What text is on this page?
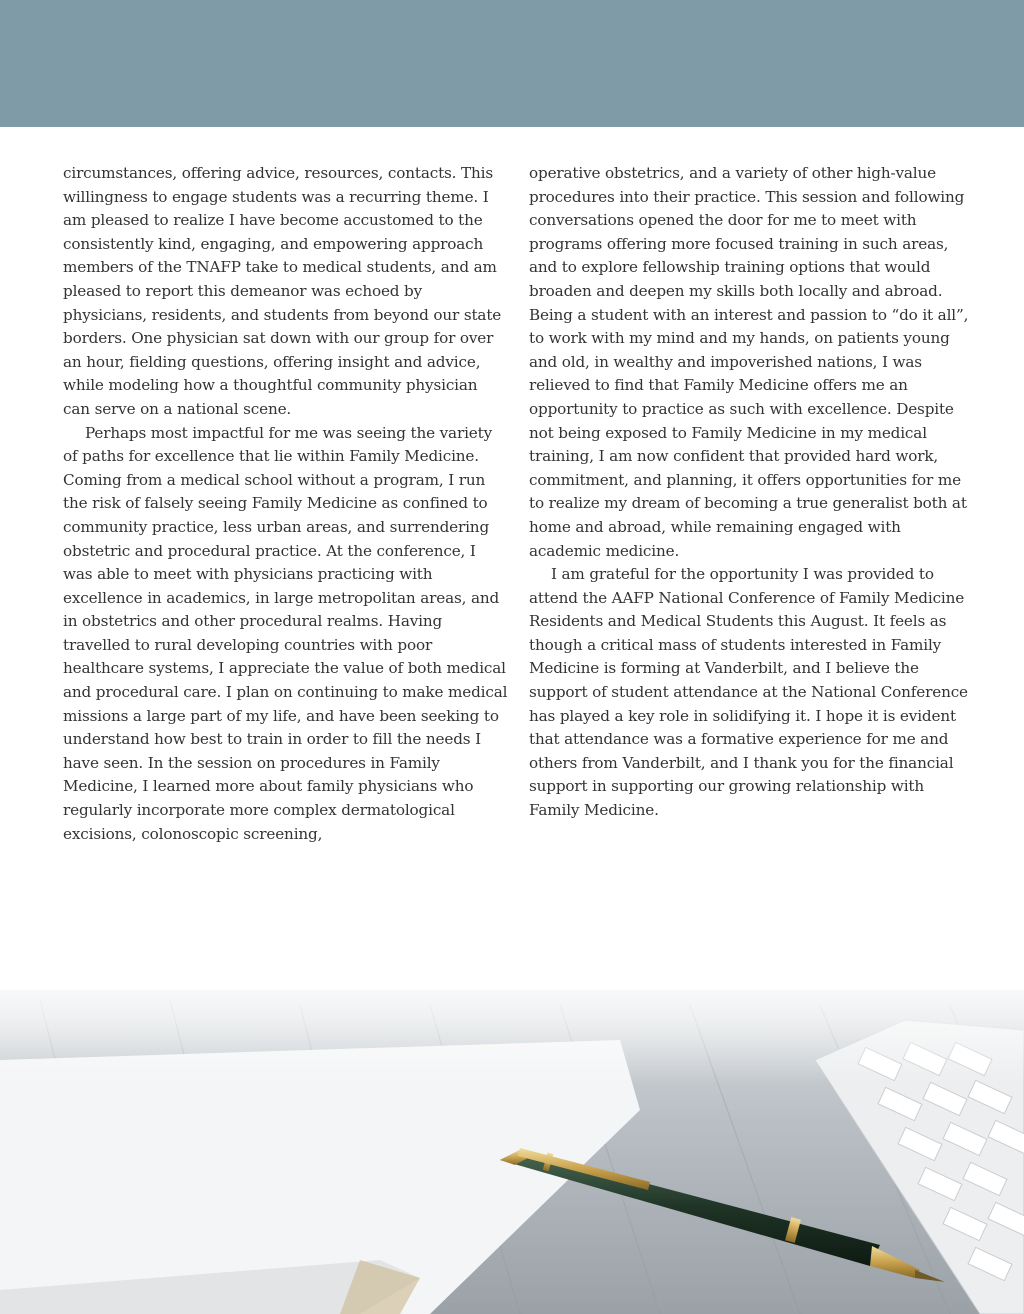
circumstances, offering advice, resources, contacts. This willingness to engage students was a recurring theme. I am pleased to realize I have become accustomed to the consistently kind, engaging, and empowering approach members of the TNAFP take to medical students, and am pleased to report this demeanor was echoed by physicians, residents, and students from beyond our state borders. One physician sat down with our group for over an hour, fielding questions, offering insight and advice, while modeling how a thoughtful community physician can serve on a national scene.

Perhaps most impactful for me was seeing the variety of paths for excellence that lie within Family Medicine. Coming from a medical school without a program, I run the risk of falsely seeing Family Medicine as confined to community practice, less urban areas, and surrendering obstetric and procedural practice. At the conference, I was able to meet with physicians practicing with excellence in academics, in large metropolitan areas, and in obstetrics and other procedural realms. Having travelled to rural developing countries with poor healthcare systems, I appreciate the value of both medical and procedural care. I plan on continuing to make medical missions a large part of my life, and have been seeking to understand how best to train in order to fill the needs I have seen. In the session on procedures in Family Medicine, I learned more about family physicians who regularly incorporate more complex dermatological excisions, colonoscopic screening,

operative obstetrics, and a variety of other high-value procedures into their practice. This session and following conversations opened the door for me to meet with programs offering more focused training in such areas, and to explore fellowship training options that would broaden and deepen my skills both locally and abroad. Being a student with an interest and passion to “do it all”, to work with my mind and my hands, on patients young and old, in wealthy and impoverished nations, I was relieved to find that Family Medicine offers me an opportunity to practice as such with excellence. Despite not being exposed to Family Medicine in my medical training, I am now confident that provided hard work, commitment, and planning, it offers opportunities for me to realize my dream of becoming a true generalist both at home and abroad, while remaining engaged with academic medicine.

I am grateful for the opportunity I was provided to attend the AAFP National Conference of Family Medicine Residents and Medical Students this August. It feels as though a critical mass of students interested in Family Medicine is forming at Vanderbilt, and I believe the support of student attendance at the National Conference has played a key role in solidifying it. I hope it is evident that attendance was a formative experience for me and others from Vanderbilt, and I thank you for the financial support in supporting our growing relationship with Family Medicine.
